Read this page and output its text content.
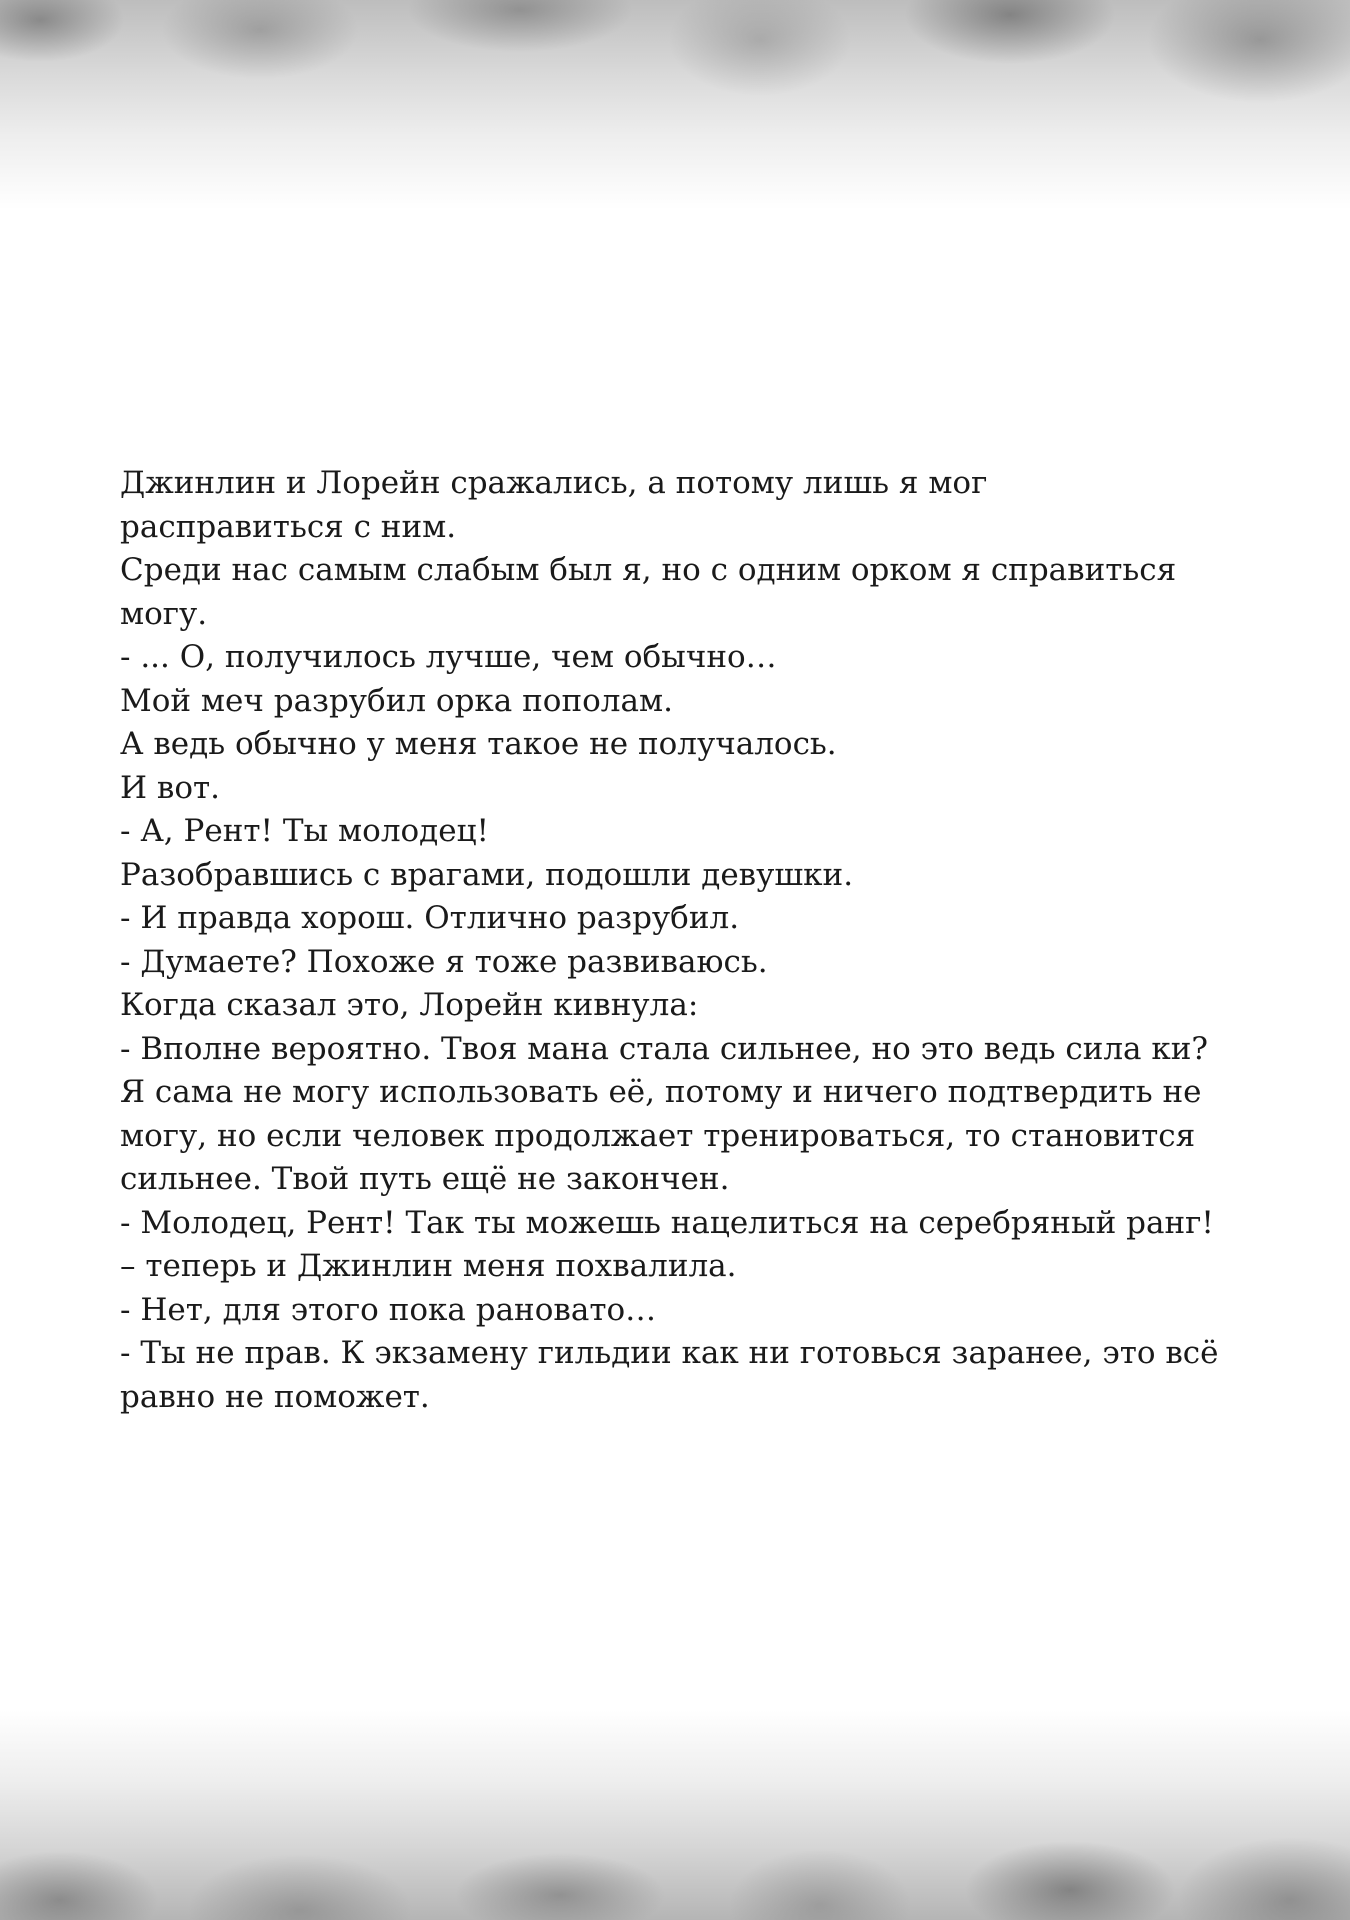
Джинлин и Лорейн сражались, а потому лишь я мог
расправиться с ним.
Среди нас самым слабым был я, но с одним орком я справиться
могу.
- ... О, получилось лучше, чем обычно…
Мой меч разрубил орка пополам.
А ведь обычно у меня такое не получалось.
И вот.
- А, Рент! Ты молодец!
Разобравшись с врагами, подошли девушки.
- И правда хорош. Отлично разрубил.
- Думаете? Похоже я тоже развиваюсь.
Когда сказал это, Лорейн кивнула:
- Вполне вероятно. Твоя мана стала сильнее, но это ведь сила ки?
Я сама не могу использовать её, потому и ничего подтвердить не
могу, но если человек продолжает тренироваться, то становится
сильнее. Твой путь ещё не закончен.
- Молодец, Рент! Так ты можешь нацелиться на серебряный ранг!
– теперь и Джинлин меня похвалила.
- Нет, для этого пока рановато…
- Ты не прав. К экзамену гильдии как ни готовься заранее, это всё
равно не поможет.
